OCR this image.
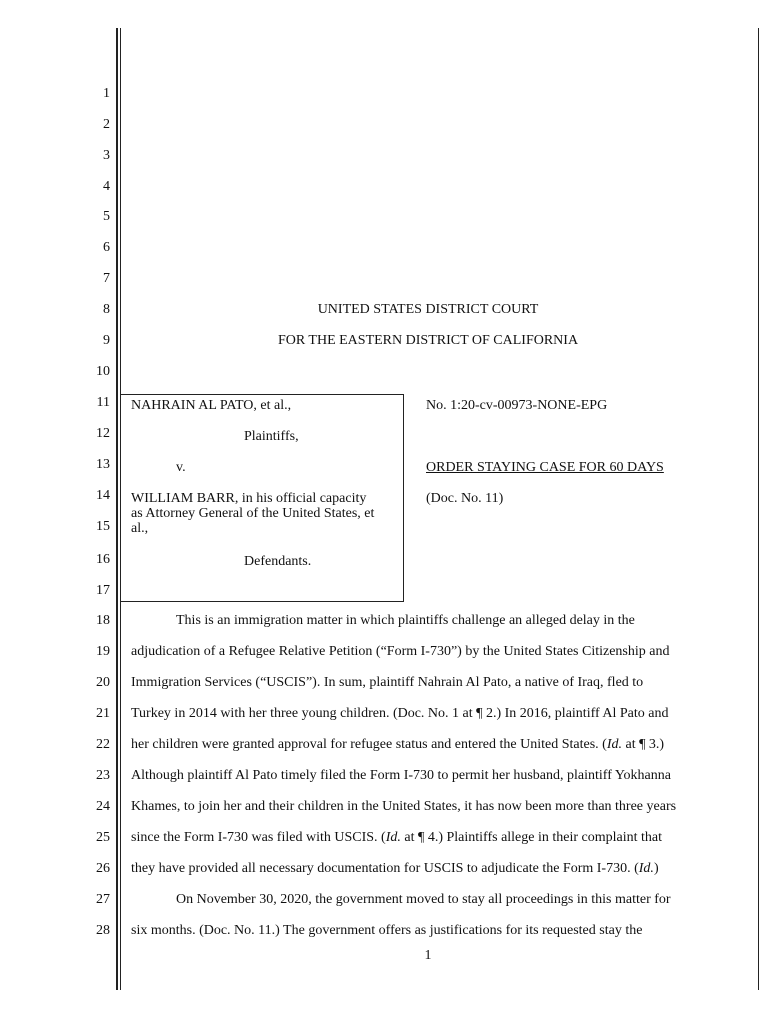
1
2
3
4
5
6
7
8
9
10
11
12
13
14
15
16
17
18
19
20
21
22
23
24
25
26
27
28
UNITED STATES DISTRICT COURT
FOR THE EASTERN DISTRICT OF CALIFORNIA
NAHRAIN AL PATO, et al.,
Plaintiffs,
v.
WILLIAM BARR, in his official capacity
as Attorney General of the United States, et
al.,
Defendants.
No. 1:20-cv-00973-NONE-EPG
ORDER STAYING CASE FOR 60 DAYS
(Doc. No. 11)
This is an immigration matter in which plaintiffs challenge an alleged delay in the
adjudication of a Refugee Relative Petition (“Form I-730”) by the United States Citizenship and
Immigration Services (“USCIS”). In sum, plaintiff Nahrain Al Pato, a native of Iraq, fled to
Turkey in 2014 with her three young children. (Doc. No. 1 at ¶ 2.) In 2016, plaintiff Al Pato and
her children were granted approval for refugee status and entered the United States. (Id. at ¶ 3.)
Although plaintiff Al Pato timely filed the Form I-730 to permit her husband, plaintiff Yokhanna
Khames, to join her and their children in the United States, it has now been more than three years
since the Form I-730 was filed with USCIS. (Id. at ¶ 4.) Plaintiffs allege in their complaint that
they have provided all necessary documentation for USCIS to adjudicate the Form I-730. (Id.)
On November 30, 2020, the government moved to stay all proceedings in this matter for
six months. (Doc. No. 11.) The government offers as justifications for its requested stay the
1
